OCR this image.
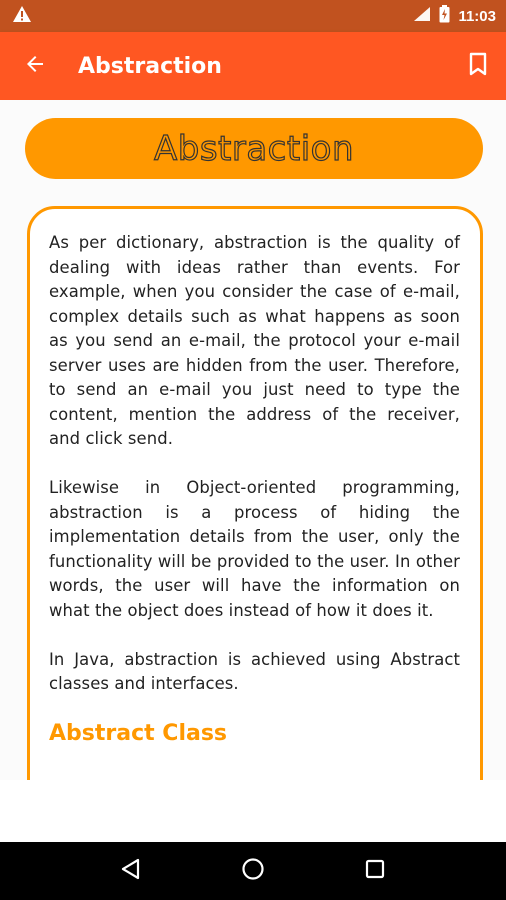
11:03
Abstraction
Abstraction

As per dictionary, abstraction is the quality of dealing with ideas rather than events. For example, when you consider the case of e-mail, complex details such as what happens as soon as you send an e-mail, the protocol your e-mail server uses are hidden from the user. Therefore, to send an e-mail you just need to type the content, mention the address of the receiver, and click send.

Likewise in Object-oriented programming, abstraction is a process of hiding the implementation details from the user, only the functionality will be provided to the user. In other words, the user will have the information on what the object does instead of how it does it.

In Java, abstraction is achieved using Abstract classes and interfaces.

Abstract Class
